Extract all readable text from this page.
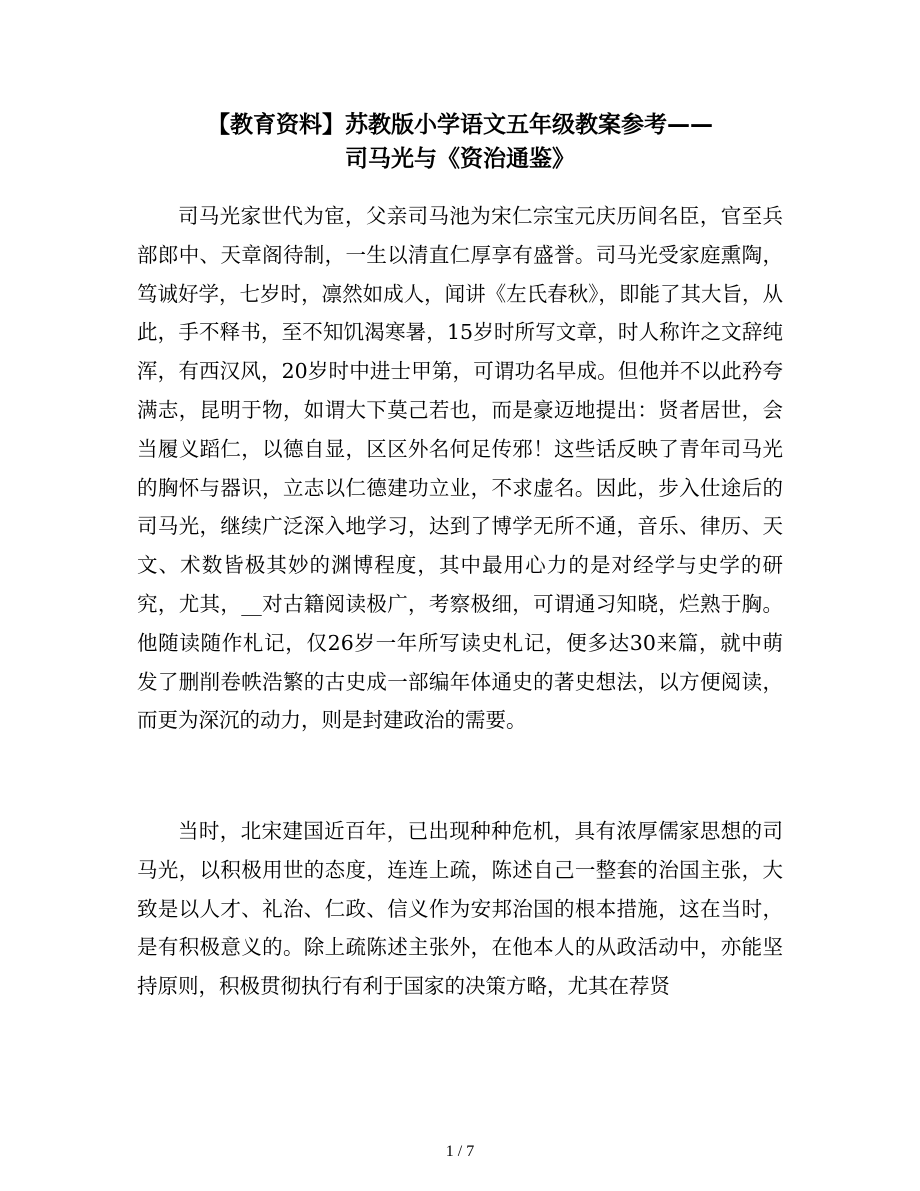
【教育资料】苏教版小学语文五年级教案参考——
司马光与《资治通鉴》

司马光家世代为宦，父亲司马池为宋仁宗宝元庆历间名臣，官至兵部郎中、天章阁待制，一生以清直仁厚享有盛誉。司马光受家庭熏陶，笃诚好学，七岁时，凛然如成人，闻讲《左氏春秋》，即能了其大旨，从此，手不释书，至不知饥渴寒暑，15岁时所写文章，时人称许之文辞纯浑，有西汉风，20岁时中进士甲第，可谓功名早成。但他并不以此矜夸满志，昆明于物，如谓大下莫己若也，而是豪迈地提出：贤者居世，会当履义蹈仁，以德自显，区区外名何足传邪！这些话反映了青年司马光的胸怀与器识，立志以仁德建功立业，不求虚名。因此，步入仕途后的司马光，继续广泛深入地学习，达到了博学无所不通，音乐、律历、天文、术数皆极其妙的渊博程度，其中最用心力的是对经学与史学的研究，尤其，__对古籍阅读极广，考察极细，可谓通习知晓，烂熟于胸。他随读随作札记，仅26岁一年所写读史札记，便多达30来篇，就中萌发了删削卷帙浩繁的古史成一部编年体通史的著史想法，以方便阅读，而更为深沉的动力，则是封建政治的需要。

当时，北宋建国近百年，已出现种种危机，具有浓厚儒家思想的司马光，以积极用世的态度，连连上疏，陈述自己一整套的治国主张，大致是以人才、礼治、仁政、信义作为安邦治国的根本措施，这在当时，是有积极意义的。除上疏陈述主张外，在他本人的从政活动中，亦能坚持原则，积极贯彻执行有利于国家的决策方略，尤其在荐贤

1 / 7
